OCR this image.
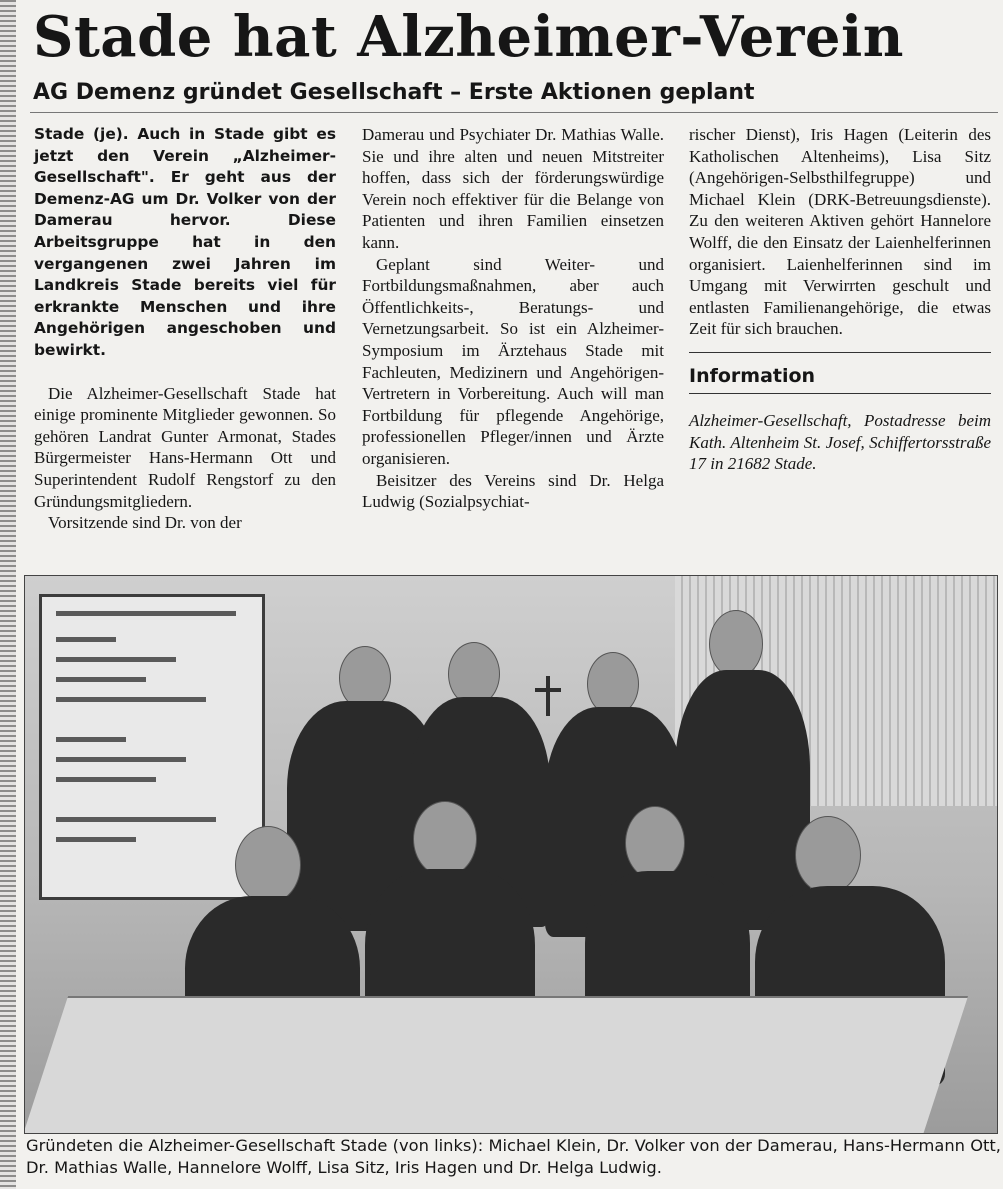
Stade hat Alzheimer-Verein
AG Demenz gründet Gesellschaft – Erste Aktionen geplant

Stade (je). Auch in Stade gibt es jetzt den Verein „Alzheimer-Gesellschaft". Er geht aus der Demenz-AG um Dr. Volker von der Damerau hervor. Diese Arbeitsgruppe hat in den vergangenen zwei Jahren im Landkreis Stade bereits viel für erkrankte Menschen und ihre Angehörigen angeschoben und bewirkt.

Die Alzheimer-Gesellschaft Stade hat einige prominente Mitglieder gewonnen. So gehören Landrat Gunter Armonat, Stades Bürgermeister Hans-Hermann Ott und Superintendent Rudolf Rengstorf zu den Gründungsmitgliedern.

Vorsitzende sind Dr. von der

Damerau und Psychiater Dr. Mathias Walle. Sie und ihre alten und neuen Mitstreiter hoffen, dass sich der förderungswürdige Verein noch effektiver für die Belange von Patienten und ihren Familien einsetzen kann.

Geplant sind Weiter- und Fortbildungsmaßnahmen, aber auch Öffentlichkeits-, Beratungs- und Vernetzungsarbeit. So ist ein Alzheimer-Symposium im Ärztehaus Stade mit Fachleuten, Medizinern und Angehörigen-Vertretern in Vorbereitung. Auch will man Fortbildung für pflegende Angehörige, professionellen Pfleger/innen und Ärzte organisieren.

Beisitzer des Vereins sind Dr. Helga Ludwig (Sozialpsychiat-

rischer Dienst), Iris Hagen (Leiterin des Katholischen Altenheims), Lisa Sitz (Angehörigen-Selbsthilfegruppe) und Michael Klein (DRK-Betreuungsdienste). Zu den weiteren Aktiven gehört Hannelore Wolff, die den Einsatz der Laienhelferinnen organisiert. Laienhelferinnen sind im Umgang mit Verwirrten geschult und entlasten Familienangehörige, die etwas Zeit für sich brauchen.

Information

Alzheimer-Gesellschaft, Postadresse beim Kath. Altenheim St. Josef, Schiffertorsstraße 17 in 21682 Stade.

Gründeten die Alzheimer-Gesellschaft Stade (von links): Michael Klein, Dr. Volker von der Damerau, Hans-Hermann Ott, Dr. Mathias Walle, Hannelore Wolff, Lisa Sitz, Iris Hagen und Dr. Helga Ludwig.
